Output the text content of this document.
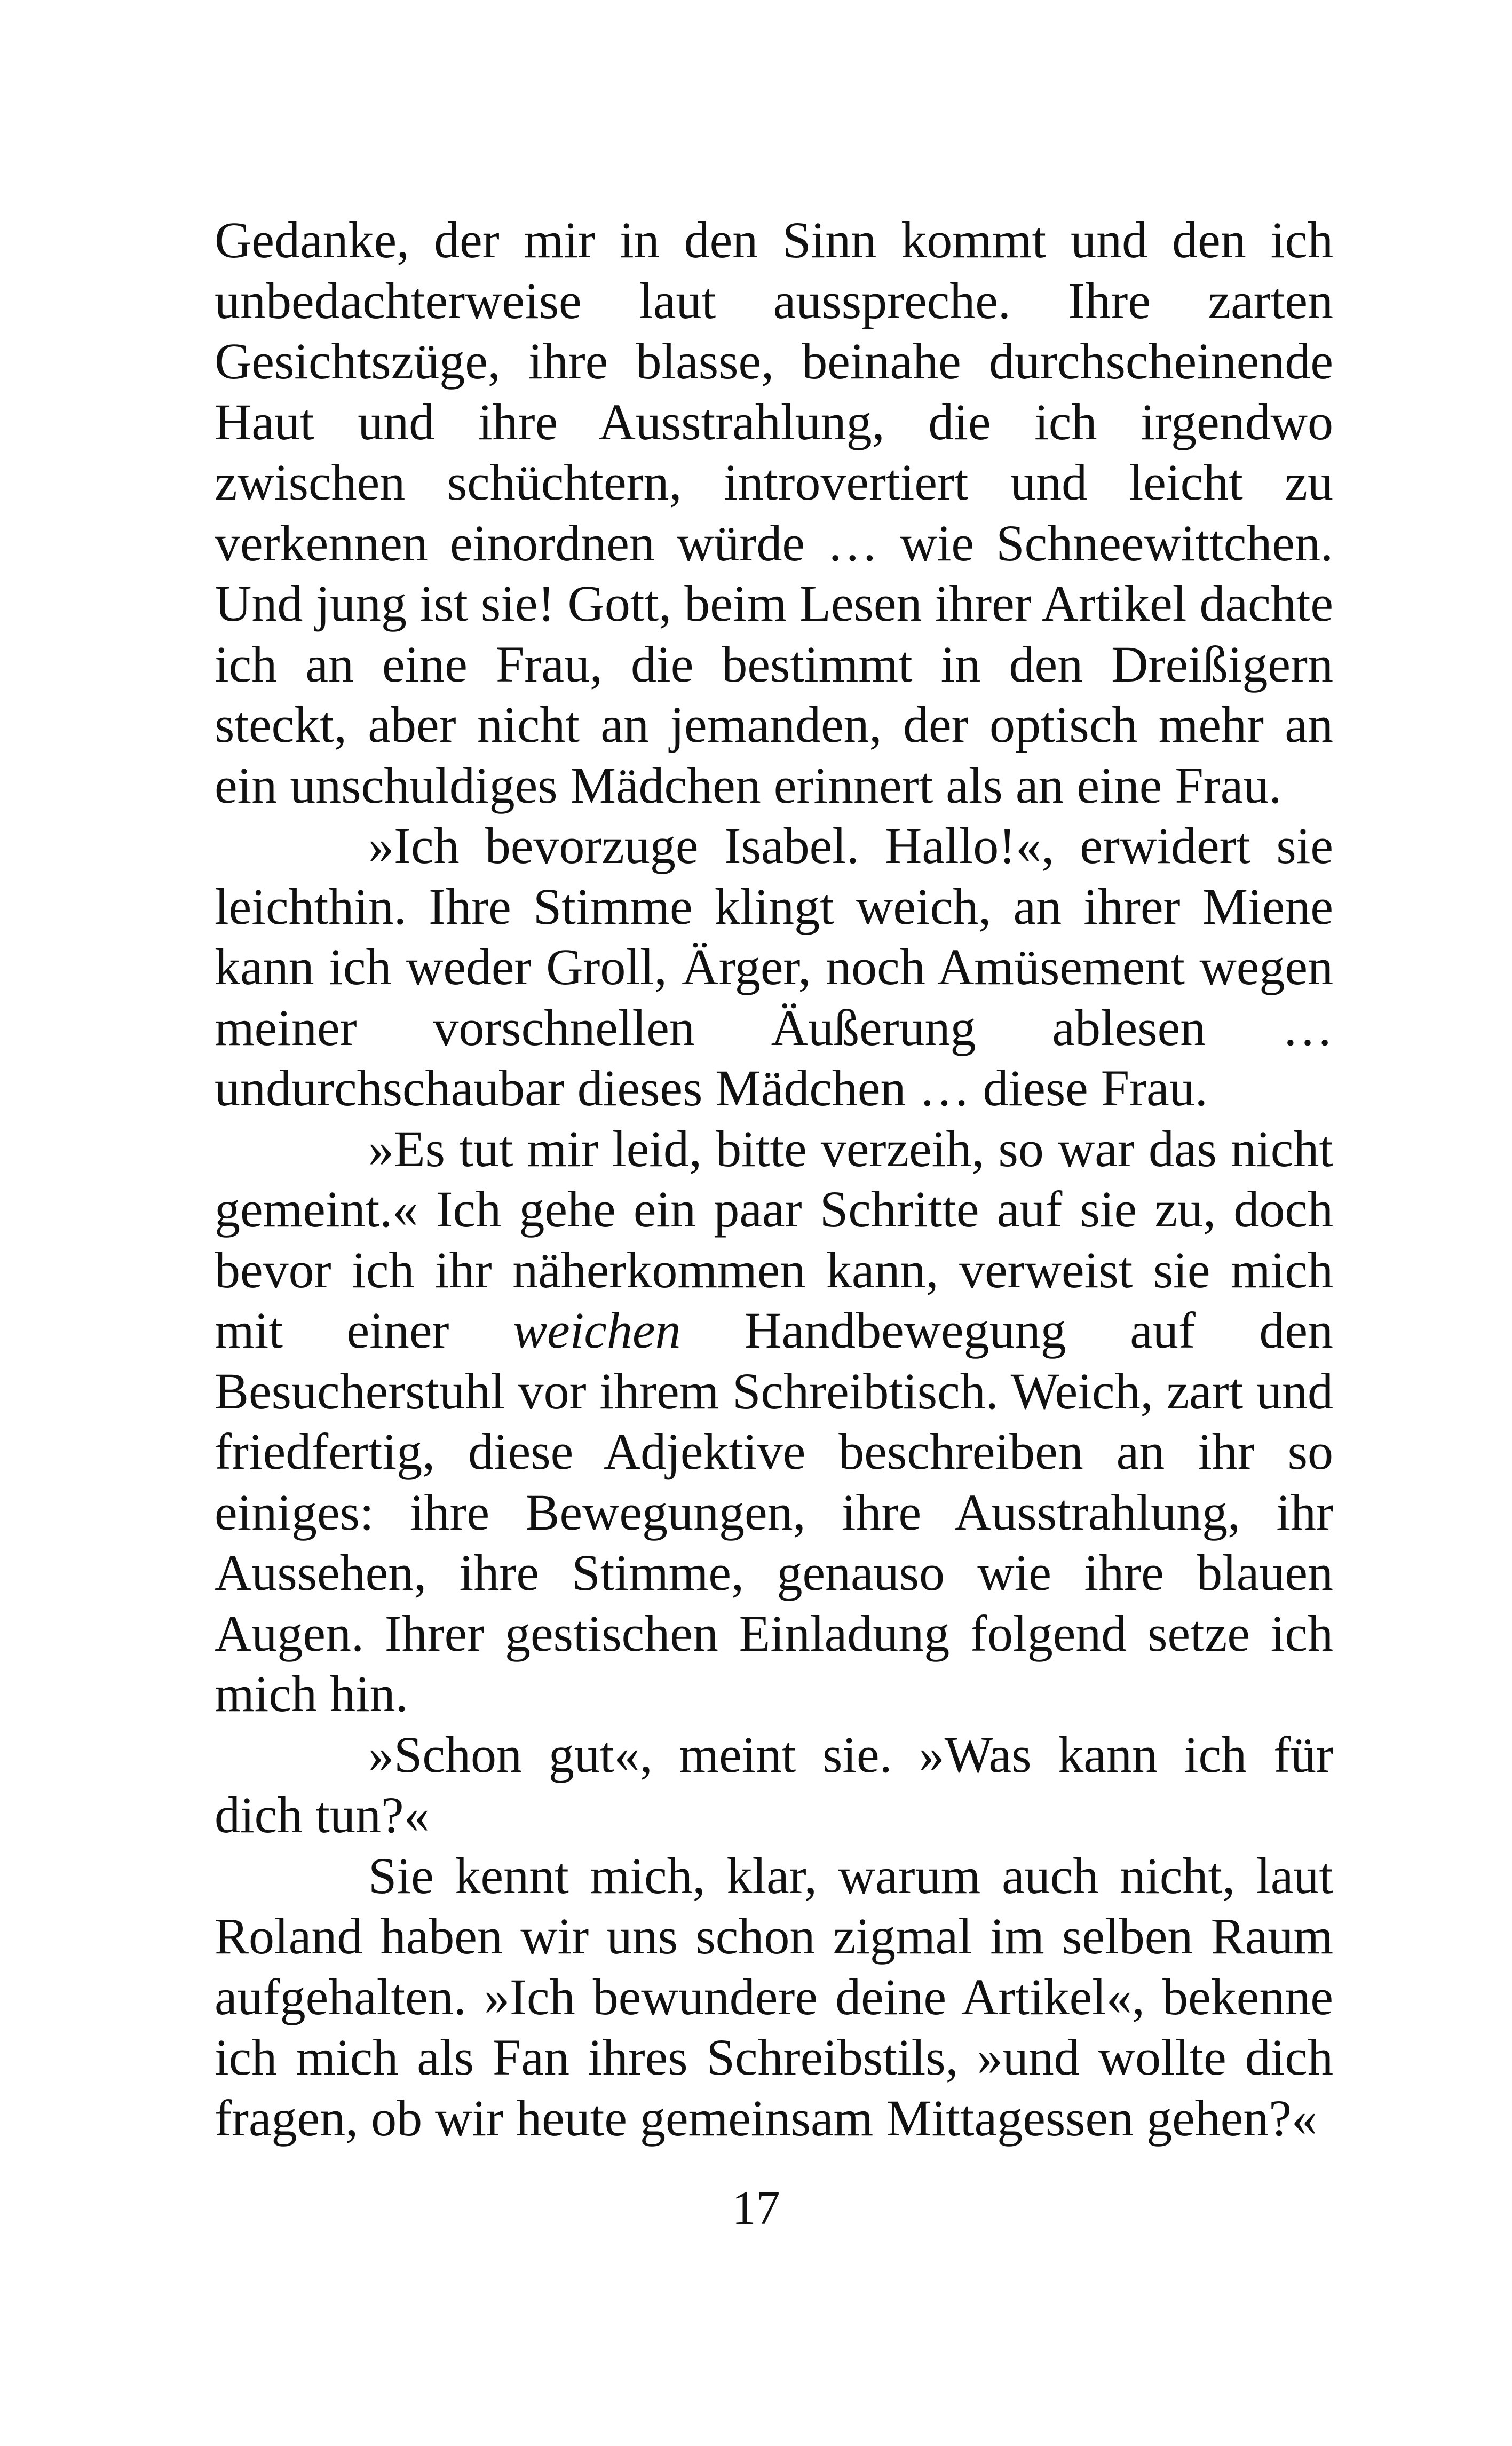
Gedanke, der mir in den Sinn kommt und den ich unbedachterweise laut ausspreche. Ihre zarten Gesichtszüge, ihre blasse, beinahe durchscheinende Haut und ihre Ausstrahlung, die ich irgendwo zwischen schüchtern, introvertiert und leicht zu verkennen einordnen würde … wie Schneewittchen. Und jung ist sie! Gott, beim Lesen ihrer Artikel dachte ich an eine Frau, die bestimmt in den Dreißigern steckt, aber nicht an jemanden, der optisch mehr an ein unschuldiges Mädchen erinnert als an eine Frau.

»Ich bevorzuge Isabel. Hallo!«, erwidert sie leichthin. Ihre Stimme klingt weich, an ihrer Miene kann ich weder Groll, Ärger, noch Amüsement wegen meiner vorschnellen Äußerung ablesen … undurchschaubar dieses Mädchen … diese Frau.

»Es tut mir leid, bitte verzeih, so war das nicht gemeint.« Ich gehe ein paar Schritte auf sie zu, doch bevor ich ihr näherkommen kann, verweist sie mich mit einer weichen Handbewegung auf den Besucherstuhl vor ihrem Schreibtisch. Weich, zart und friedfertig, diese Adjektive beschreiben an ihr so einiges: ihre Bewegungen, ihre Ausstrahlung, ihr Aussehen, ihre Stimme, genauso wie ihre blauen Augen. Ihrer gestischen Einladung folgend setze ich mich hin.

»Schon gut«, meint sie. »Was kann ich für dich tun?«

Sie kennt mich, klar, warum auch nicht, laut Roland haben wir uns schon zigmal im selben Raum aufgehalten. »Ich bewundere deine Artikel«, bekenne ich mich als Fan ihres Schreibstils, »und wollte dich fragen, ob wir heute gemeinsam Mittagessen gehen?«

17
